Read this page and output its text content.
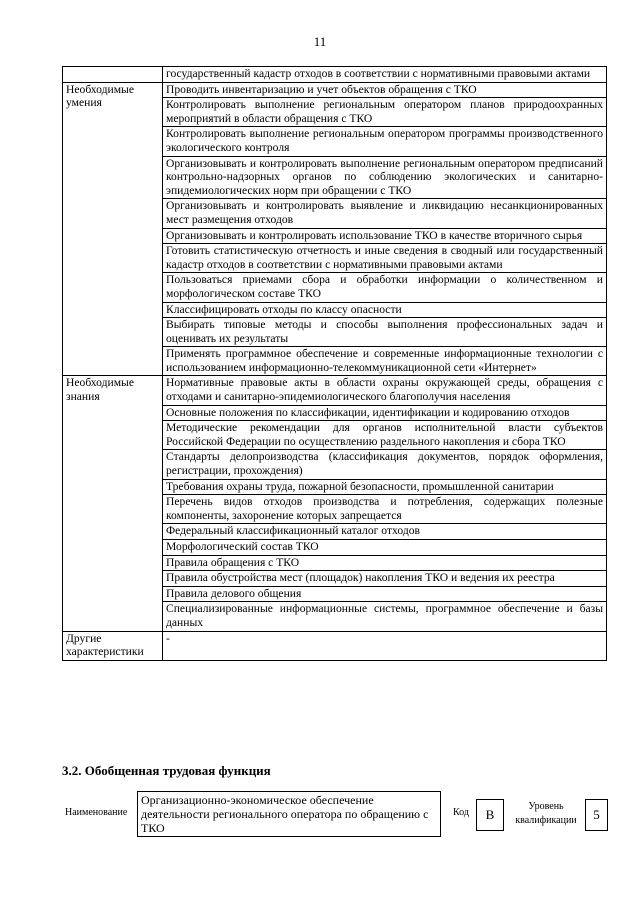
11
	государственный кадастр отходов в соответствии с нормативными правовыми актами
Необходимые умения	Проводить инвентаризацию и учет объектов обращения с ТКО
	Контролировать выполнение региональным оператором планов природоохранных мероприятий в области обращения с ТКО
	Контролировать выполнение региональным оператором программы производственного экологического контроля
	Организовывать и контролировать выполнение региональным оператором предписаний контрольно-надзорных органов по соблюдению экологических и санитарно-эпидемиологических норм при обращении с ТКО
	Организовывать и контролировать выявление и ликвидацию несанкционированных мест размещения отходов
	Организовывать и контролировать использование ТКО в качестве вторичного сырья
	Готовить статистическую отчетность и иные сведения в сводный или государственный кадастр отходов в соответствии с нормативными правовыми актами
	Пользоваться приемами сбора и обработки информации о количественном и морфологическом составе ТКО
	Классифицировать отходы по классу опасности
	Выбирать типовые методы и способы выполнения профессиональных задач и оценивать их результаты
	Применять программное обеспечение и современные информационные технологии с использованием информационно-телекоммуникационной сети «Интернет»
Необходимые знания	Нормативные правовые акты в области охраны окружающей среды, обращения с отходами и санитарно-эпидемиологического благополучия населения
	Основные положения по классификации, идентификации и кодированию отходов
	Методические рекомендации для органов исполнительной власти субъектов Российской Федерации по осуществлению раздельного накопления и сбора ТКО
	Стандарты делопроизводства (классификация документов, порядок оформления, регистрации, прохождения)
	Требования охраны труда, пожарной безопасности, промышленной санитарии
	Перечень видов отходов производства и потребления, содержащих полезные компоненты, захоронение которых запрещается
	Федеральный классификационный каталог отходов
	Морфологический состав ТКО
	Правила обращения с ТКО
	Правила обустройства мест (площадок) накопления ТКО и ведения их реестра
	Правила делового общения
	Специализированные информационные системы, программное обеспечение и базы данных
Другие характеристики	-
3.2. Обобщенная трудовая функция
Наименование
Организационно-экономическое обеспечение деятельности регионального оператора по обращению с ТКО
Код	В
Уровень квалификации	5
